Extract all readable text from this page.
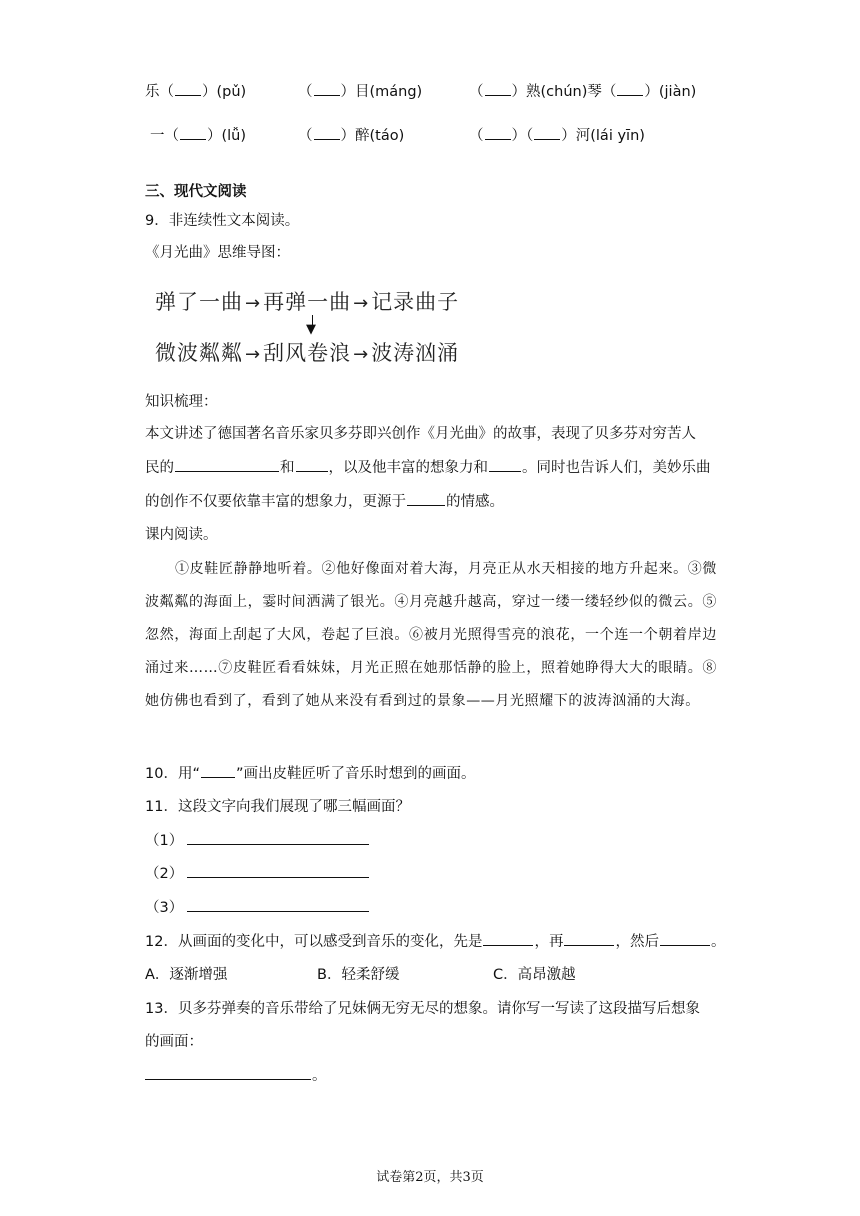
乐（ ）(pǔ)	（ ）目(máng)	（ ）熟(chún)琴（ ）(jiàn)
一（ ）(lǚ)	（ ）醉(táo)	（ ）（ ）河(lái yīn)
三、现代文阅读
9．非连续性文本阅读。
《月光曲》思维导图：
弹了一曲 →再弹一曲 →记录曲子
▼
微波粼粼 →刮风卷浪 →波涛汹涌
知识梳理：
本文讲述了德国著名音乐家贝多芬即兴创作《月光曲》的故事，表现了贝多芬对穷苦人
民的	和 ，以及他丰富的想象力和 。同时也告诉人们，美妙乐曲
的创作不仅要依靠丰富的想象力，更源于	的情感。
课内阅读。
①皮鞋匠静静地听着。②他好像面对着大海，月亮正从水天相接的地方升起来。③微波粼粼的海面上，霎时间洒满了银光。④月亮越升越高，穿过一缕一缕轻纱似的微云。⑤忽然，海面上刮起了大风，卷起了巨浪。⑥被月光照得雪亮的浪花，一个连一个朝着岸边涌过来……⑦皮鞋匠看看妹妹，月光正照在她那恬静的脸上，照着她睁得大大的眼睛。⑧她仿佛也看到了，看到了她从来没有看到过的景象——月光照耀下的波涛汹涌的大海。
10．用“ ”画出皮鞋匠听了音乐时想到的画面。
11．这段文字向我们展现了哪三幅画面？
（1）
（2）
（3）
12．从画面的变化中，可以感受到音乐的变化，先是	，再	，然后	。
A．逐渐增强	B．轻柔舒缓	C．高昂激越
13．贝多芬弹奏的音乐带给了兄妹俩无穷无尽的想象。请你写一写读了这段描写后想象
的画面：
。
试卷第2页，共3页
